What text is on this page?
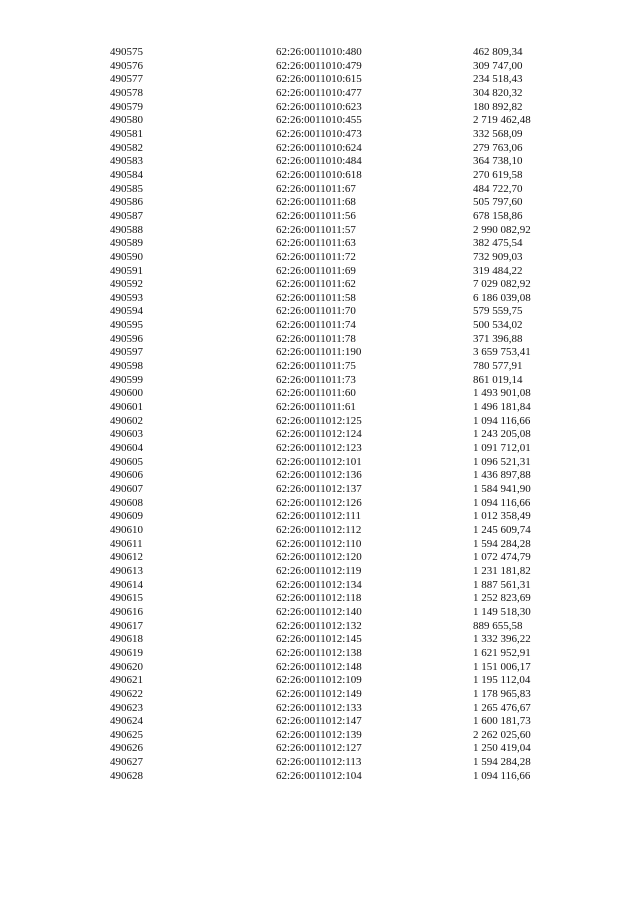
490575	62:26:0011010:480	462 809,34
490576	62:26:0011010:479	309 747,00
490577	62:26:0011010:615	234 518,43
490578	62:26:0011010:477	304 820,32
490579	62:26:0011010:623	180 892,82
490580	62:26:0011010:455	2 719 462,48
490581	62:26:0011010:473	332 568,09
490582	62:26:0011010:624	279 763,06
490583	62:26:0011010:484	364 738,10
490584	62:26:0011010:618	270 619,58
490585	62:26:0011011:67	484 722,70
490586	62:26:0011011:68	505 797,60
490587	62:26:0011011:56	678 158,86
490588	62:26:0011011:57	2 990 082,92
490589	62:26:0011011:63	382 475,54
490590	62:26:0011011:72	732 909,03
490591	62:26:0011011:69	319 484,22
490592	62:26:0011011:62	7 029 082,92
490593	62:26:0011011:58	6 186 039,08
490594	62:26:0011011:70	579 559,75
490595	62:26:0011011:74	500 534,02
490596	62:26:0011011:78	371 396,88
490597	62:26:0011011:190	3 659 753,41
490598	62:26:0011011:75	780 577,91
490599	62:26:0011011:73	861 019,14
490600	62:26:0011011:60	1 493 901,08
490601	62:26:0011011:61	1 496 181,84
490602	62:26:0011012:125	1 094 116,66
490603	62:26:0011012:124	1 243 205,08
490604	62:26:0011012:123	1 091 712,01
490605	62:26:0011012:101	1 096 521,31
490606	62:26:0011012:136	1 436 897,88
490607	62:26:0011012:137	1 584 941,90
490608	62:26:0011012:126	1 094 116,66
490609	62:26:0011012:111	1 012 358,49
490610	62:26:0011012:112	1 245 609,74
490611	62:26:0011012:110	1 594 284,28
490612	62:26:0011012:120	1 072 474,79
490613	62:26:0011012:119	1 231 181,82
490614	62:26:0011012:134	1 887 561,31
490615	62:26:0011012:118	1 252 823,69
490616	62:26:0011012:140	1 149 518,30
490617	62:26:0011012:132	889 655,58
490618	62:26:0011012:145	1 332 396,22
490619	62:26:0011012:138	1 621 952,91
490620	62:26:0011012:148	1 151 006,17
490621	62:26:0011012:109	1 195 112,04
490622	62:26:0011012:149	1 178 965,83
490623	62:26:0011012:133	1 265 476,67
490624	62:26:0011012:147	1 600 181,73
490625	62:26:0011012:139	2 262 025,60
490626	62:26:0011012:127	1 250 419,04
490627	62:26:0011012:113	1 594 284,28
490628	62:26:0011012:104	1 094 116,66
